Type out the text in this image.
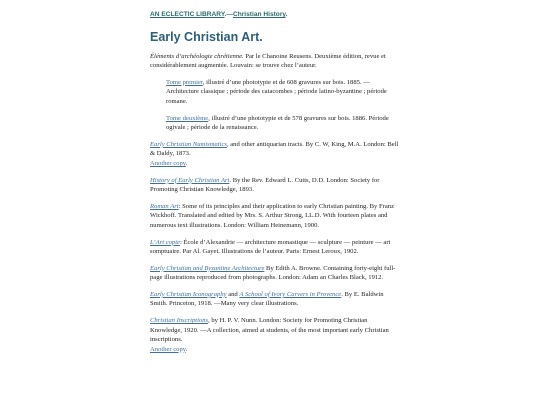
AN ECLECTIC LIBRARY.—Christian History.
Early Christian Art.

Éléments d’archéologie chrétienne. Par le Chanoine Reusens. Deuxième édition, revue et considérablement augmentée. Louvain: se trouve chez l’auteur.

Tome premier, illustré d’une phototypie et de 608 gravures sur bois. 1885. —Architecture classique ; période des catacombes ; période latino-byzantine ; période romane.

Tome deuxième, illustré d’une phototypie et de 578 gravures sur bois. 1886. Période ogivale ; période de la renaissance.

Early Christian Numismatics, and other antiquarian tracts. By C. W, King, M.A. London: Bell & Daldy, 1873.
Another copy.

History of Early Christian Art. By the Rev. Edward L. Cutts, D.D. London: Society for Promoting Christian Knowledge, 1893.

Roman Art: Some of its principles and their application to early Christian painting. By Franz Wickhoff. Translated and edited by Mrs. S. Arthur Strong, LL.D. With fourteen plates and numerous text illustrations. London: William Heinemann, 1900.

L’Art copte: École d’Alexandrie — architecture monastique — sculpture — peinture — art somptuaire. Par Al. Gayet. Illustrations de l’auteur. Paris: Ernest Leroux, 1902.

Early Christian and Byzantine Architecture By Edith A. Browne. Containing forty-eight full-page illustrations reproduced from photographs. London: Adam an Charles Black, 1912.

Early Christian Iconography and A School of Ivory Carvers in Provence. By E. Baldwin Smith. Princeton, 1918. —Many very clear illustrations.

Christian Inscriptions, by H. P. V. Nunn. London: Society for Promoting Christian Knowledge, 1920. —A collection, aimed at students, of the most important early Christian inscriptions.
Another copy.
